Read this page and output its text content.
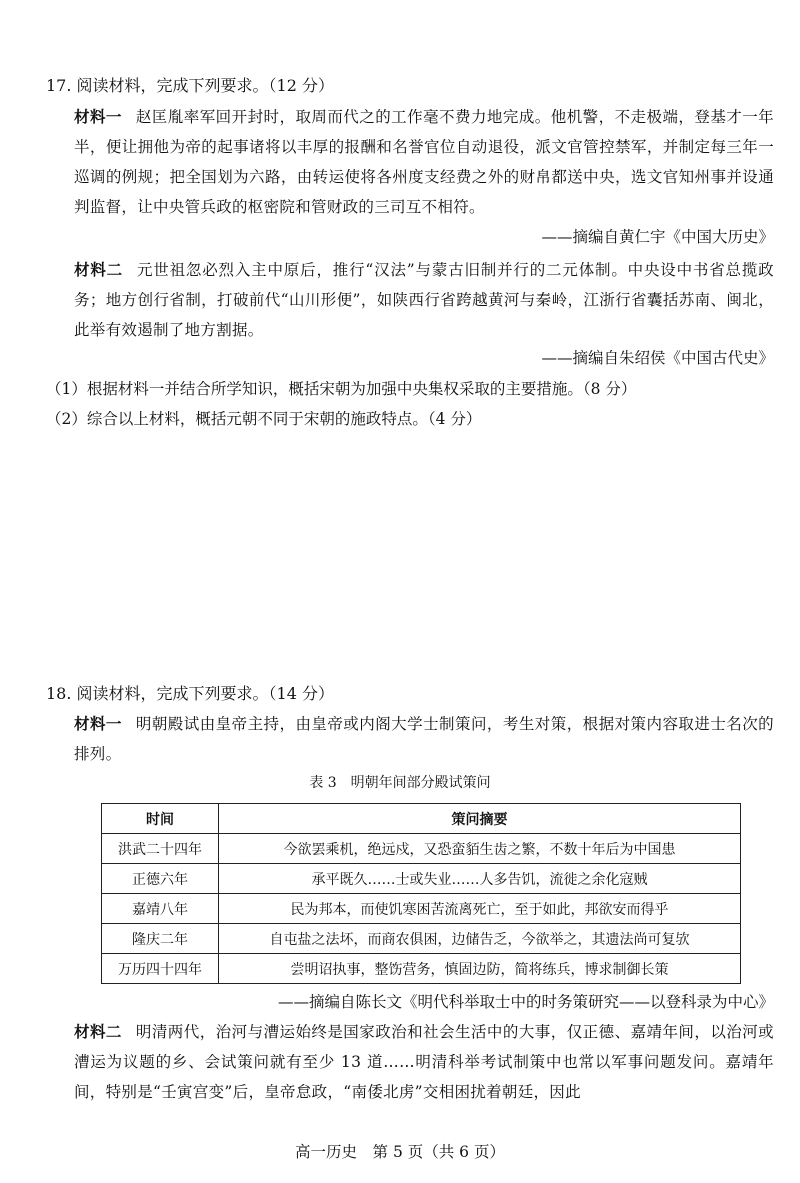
17. 阅读材料，完成下列要求。（12 分）
材料一 赵匡胤率军回开封时，取周而代之的工作毫不费力地完成。他机警，不走极端，登基才一年半，便让拥他为帝的起事诸将以丰厚的报酬和名誉官位自动退役，派文官管控禁军，并制定每三年一巡调的例规；把全国划为六路，由转运使将各州度支经费之外的财帛都送中央，选文官知州事并设通判监督，让中央管兵政的枢密院和管财政的三司互不相符。
——摘编自黄仁宇《中国大历史》
材料二 元世祖忽必烈入主中原后，推行“汉法”与蒙古旧制并行的二元体制。中央设中书省总揽政务；地方创行省制，打破前代“山川形便”，如陕西行省跨越黄河与秦岭，江浙行省囊括苏南、闽北，此举有效遏制了地方割据。
——摘编自朱绍侯《中国古代史》
（1）根据材料一并结合所学知识，概括宋朝为加强中央集权采取的主要措施。（8 分）
（2）综合以上材料，概括元朝不同于宋朝的施政特点。（4 分）
18. 阅读材料，完成下列要求。（14 分）
材料一 明朝殿试由皇帝主持，由皇帝或内阁大学士制策问，考生对策，根据对策内容取进士名次的排列。
表 3　明朝年间部分殿试策问
时间	策问摘要
洪武二十四年	今欲罢乘机，绝远戍，又恐蛮貊生齿之繁，不数十年后为中国患
正德六年	承平既久……士或失业……人多告饥，流徙之余化寇贼
嘉靖八年	民为邦本，而使饥寒困苦流离死亡，至于如此，邦欲安而得乎
隆庆二年	自屯盐之法坏，而商农俱困，边储告乏，今欲举之，其遗法尚可复欤
万历四十四年	尝明诏执事，整饬营务，慎固边防，简将练兵，博求制御长策
——摘编自陈长文《明代科举取士中的时务策研究——以登科录为中心》
材料二 明清两代，治河与漕运始终是国家政治和社会生活中的大事，仅正德、嘉靖年间，以治河或漕运为议题的乡、会试策问就有至少 13 道……明清科举考试制策中也常以军事问题发问。嘉靖年间，特别是“壬寅宫变”后，皇帝怠政，“南倭北虏”交相困扰着朝廷，因此
高一历史　第 5 页（共 6 页）
